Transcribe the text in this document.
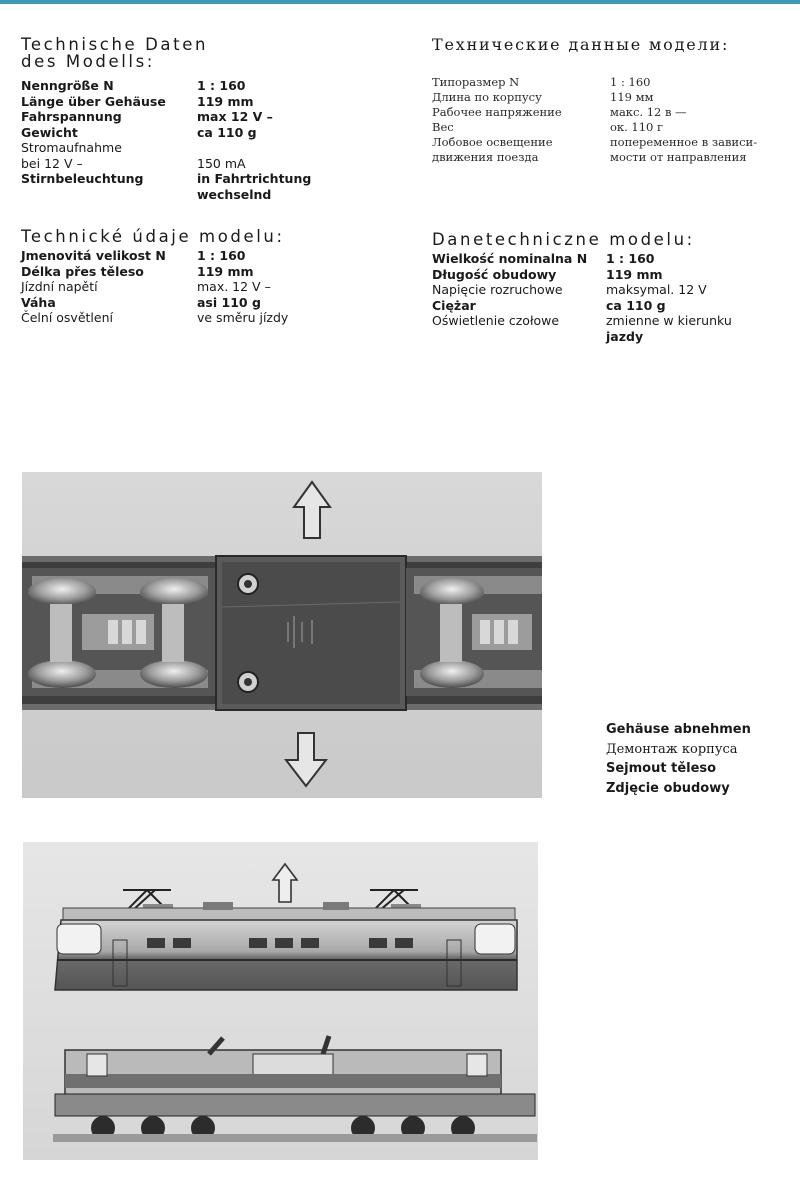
Technische Daten
des Modells:
Nenngröße N	1 : 160
Länge über Gehäuse	119 mm
Fahrspannung	max 12 V –
Gewicht	ca 110 g
Stromaufnahme
bei 12 V –	150 mA
Stirnbeleuchtung	in Fahrtrichtung
wechselnd
Технические данные модели:
Типоразмер N	1 : 160
Длина по корпусу	119 мм
Рабочее напряжение	макс. 12 в —
Вес	ок. 110 г
Лобовое освещение	попеременное в зависи-
движения поезда	мости от направления
Technické údaje modelu:
Jmenovitá velikost N	1 : 160
Délka přes těleso	119 mm
Jízdní napětí	max. 12 V –
Váha	asi 110 g
Čelní osvětlení	ve směru jízdy
Danetechniczne modelu:
Wielkość nominalna N	1 : 160
Długość obudowy	119 mm
Napięcie rozruchowe	maksymal. 12 V
Ciężar	ca 110 g
Oświetlenie czołowe	zmienne w kierunku
jazdy
Gehäuse abnehmen
Демонтаж корпуса
Sejmout těleso
Zdjęcie obudowy
